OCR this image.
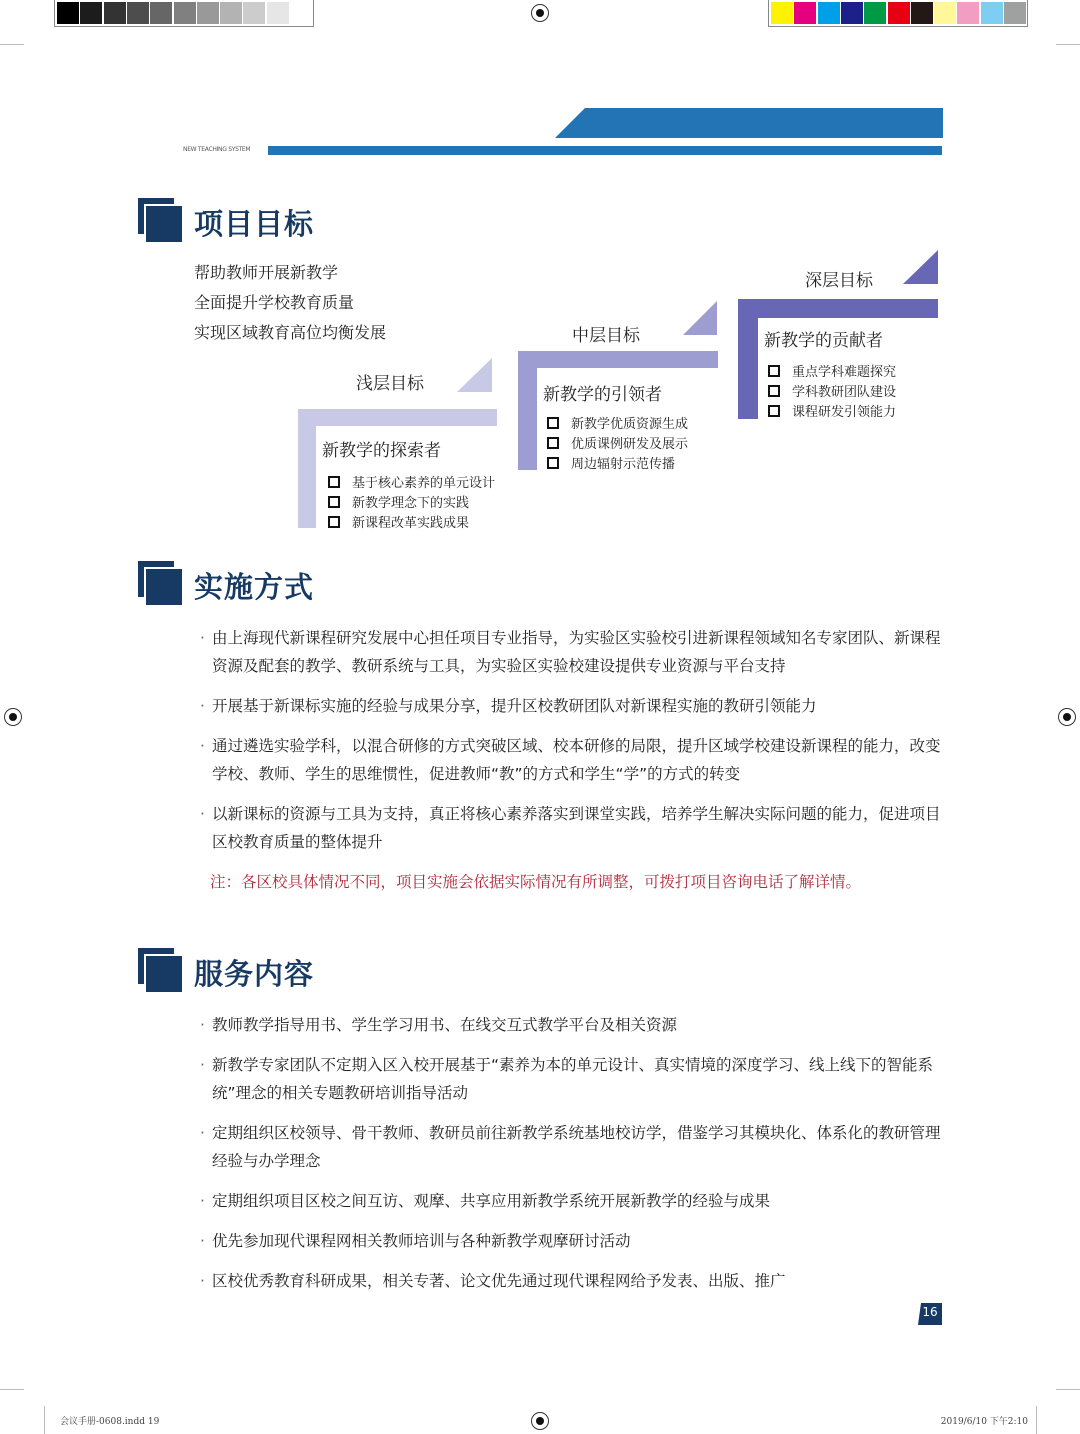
NEW TEACHING SYSTEM
项目目标
帮助教师开展新教学
全面提升学校教育质量
实现区域教育高位均衡发展
浅层目标
新教学的探索者
基于核心素养的单元设计
新教学理念下的实践
新课程改革实践成果
中层目标
新教学的引领者
新教学优质资源生成
优质课例研发及展示
周边辐射示范传播
深层目标
新教学的贡献者
重点学科难题探究
学科教研团队建设
课程研发引领能力
实施方式
· 由上海现代新课程研究发展中心担任项目专业指导，为实验区实验校引进新课程领域知名专家团队、新课程资源及配套的教学、教研系统与工具，为实验区实验校建设提供专业资源与平台支持
· 开展基于新课标实施的经验与成果分享，提升区校教研团队对新课程实施的教研引领能力
· 通过遴选实验学科，以混合研修的方式突破区域、校本研修的局限，提升区域学校建设新课程的能力，改变学校、教师、学生的思维惯性，促进教师“教”的方式和学生“学”的方式的转变
· 以新课标的资源与工具为支持，真正将核心素养落实到课堂实践，培养学生解决实际问题的能力，促进项目区校教育质量的整体提升
注：各区校具体情况不同，项目实施会依据实际情况有所调整，可拨打项目咨询电话了解详情。
服务内容
· 教师教学指导用书、学生学习用书、在线交互式教学平台及相关资源
· 新教学专家团队不定期入区入校开展基于“素养为本的单元设计、真实情境的深度学习、线上线下的智能系统”理念的相关专题教研培训指导活动
· 定期组织区校领导、骨干教师、教研员前往新教学系统基地校访学，借鉴学习其模块化、体系化的教研管理经验与办学理念
· 定期组织项目区校之间互访、观摩、共享应用新教学系统开展新教学的经验与成果
· 优先参加现代课程网相关教师培训与各种新教学观摩研讨活动
· 区校优秀教育科研成果，相关专著、论文优先通过现代课程网给予发表、出版、推广
16
会议手册-0608.indd 19	2019/6/10 下午2:10
